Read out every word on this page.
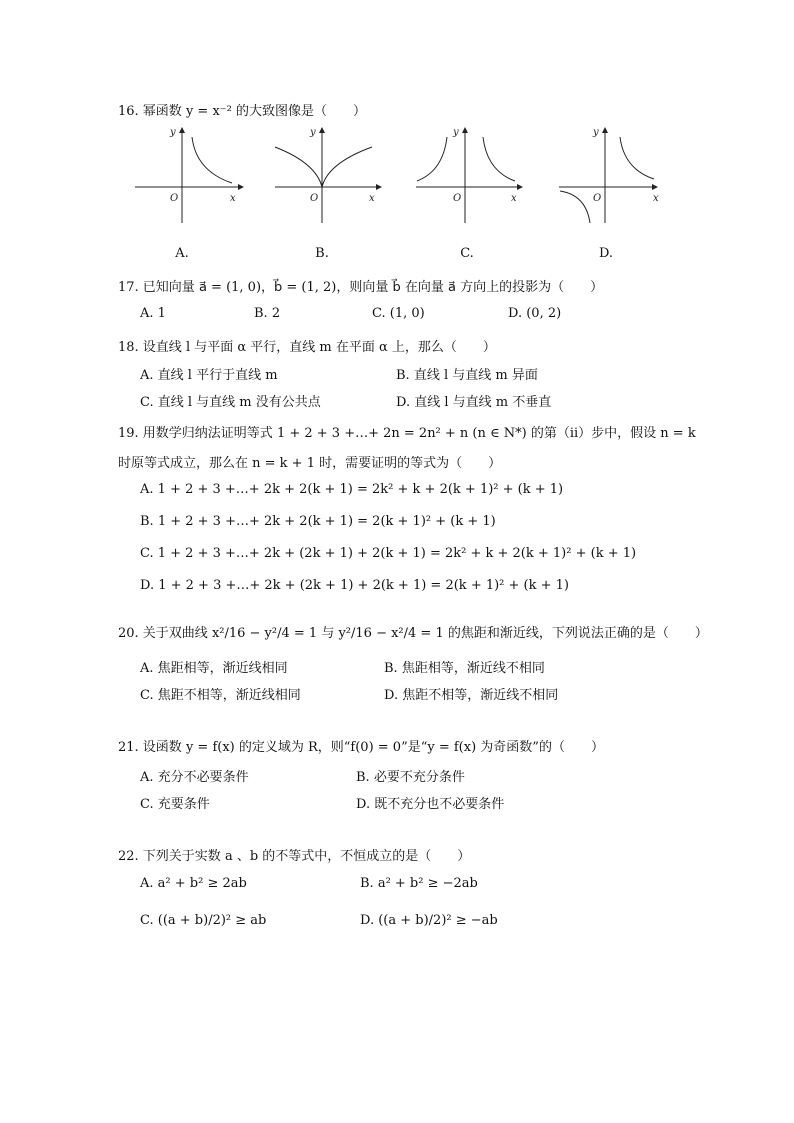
16. 幂函数 y = x⁻² 的大致图像是（　　）
y
x
O
y
x
O
y
x
O
y
x
O
A.	B.	C.	D.
17. 已知向量 a⃗ = (1, 0)，b⃗ = (1, 2)，则向量 b⃗ 在向量 a⃗ 方向上的投影为（　　）
A. 1	B. 2	C. (1, 0)	D. (0, 2)
18. 设直线 l 与平面 α 平行，直线 m 在平面 α 上，那么（　　）
A. 直线 l 平行于直线 m	B. 直线 l 与直线 m 异面
C. 直线 l 与直线 m 没有公共点	D. 直线 l 与直线 m 不垂直
19. 用数学归纳法证明等式 1 + 2 + 3 +…+ 2n = 2n² + n (n ∈ N*) 的第（ii）步中，假设 n = k
时原等式成立，那么在 n = k + 1 时，需要证明的等式为（　　）
A. 1 + 2 + 3 +…+ 2k + 2(k + 1) = 2k² + k + 2(k + 1)² + (k + 1)
B. 1 + 2 + 3 +…+ 2k + 2(k + 1) = 2(k + 1)² + (k + 1)
C. 1 + 2 + 3 +…+ 2k + (2k + 1) + 2(k + 1) = 2k² + k + 2(k + 1)² + (k + 1)
D. 1 + 2 + 3 +…+ 2k + (2k + 1) + 2(k + 1) = 2(k + 1)² + (k + 1)
20. 关于双曲线 x²/16 − y²/4 = 1 与 y²/16 − x²/4 = 1 的焦距和渐近线，下列说法正确的是（　　）
A. 焦距相等，渐近线相同	B. 焦距相等，渐近线不相同
C. 焦距不相等，渐近线相同	D. 焦距不相等，渐近线不相同
21. 设函数 y = f(x) 的定义域为 R，则“f(0) = 0”是“y = f(x) 为奇函数”的（　　）
A. 充分不必要条件	B. 必要不充分条件
C. 充要条件	D. 既不充分也不必要条件
22. 下列关于实数 a 、b 的不等式中，不恒成立的是（　　）
A. a² + b² ≥ 2ab	B. a² + b² ≥ −2ab
C. ((a + b)/2)² ≥ ab	D. ((a + b)/2)² ≥ −ab
